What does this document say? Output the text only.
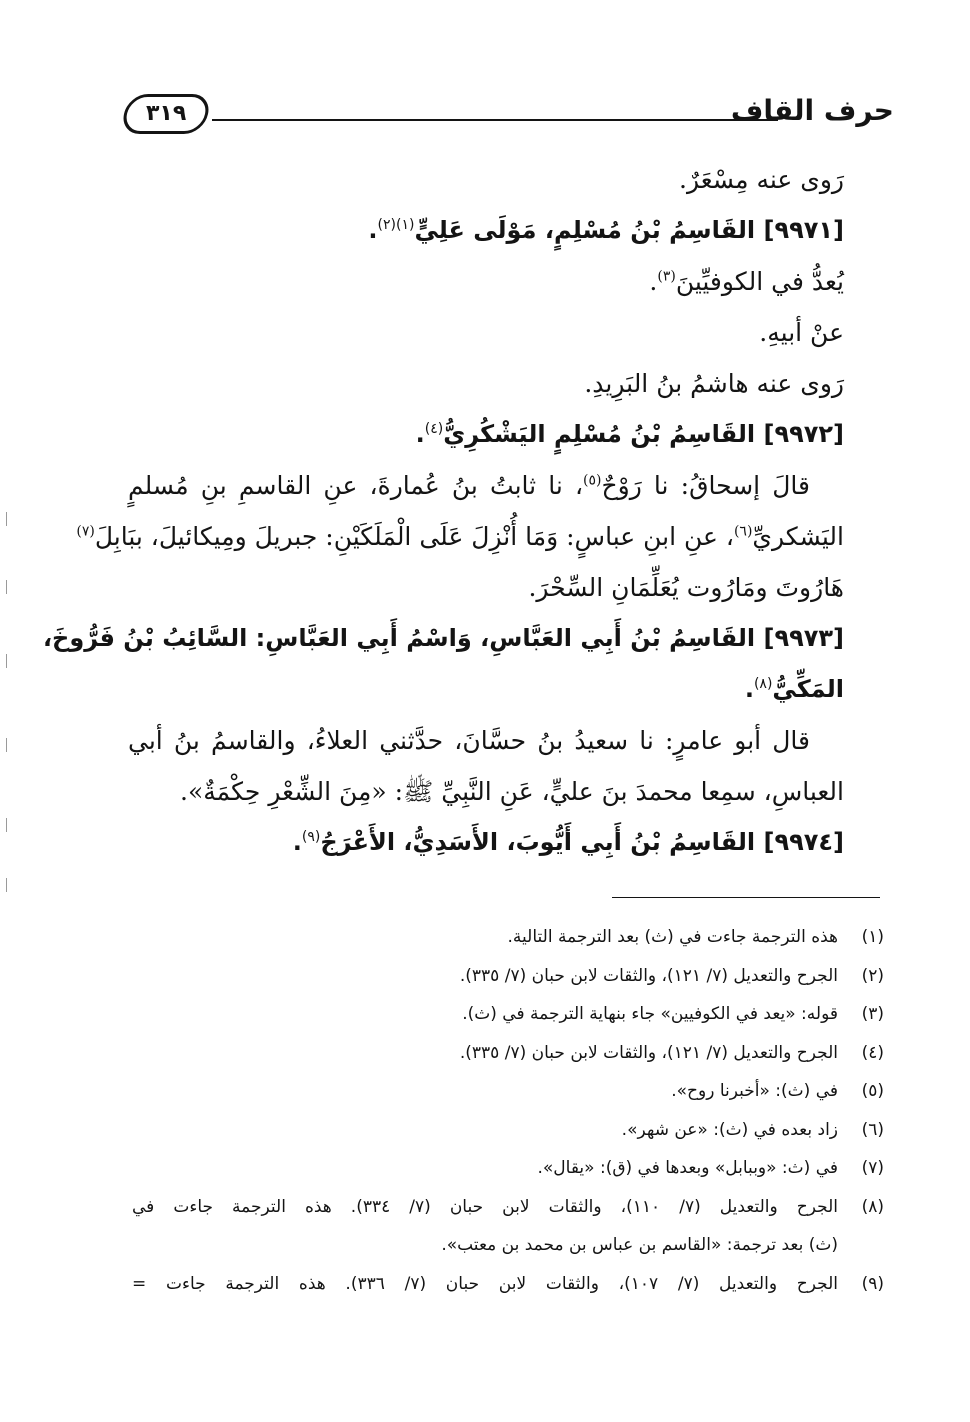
حرف القاف
٣١٩
رَوى عنه مِسْعَرٌ.
[٩٩٧١] القَاسِمُ بْنُ مُسْلِمٍ، مَوْلَى عَلِيٍّ$^{(١)(٢)}$.
يُعدُّ في الكوفيِّينَ$^{(٣)}$.
عنْ أبيهِ.
رَوى عنه هاشمُ بنُ البَرِيدِ.
[٩٩٧٢] القَاسِمُ بْنُ مُسْلِمٍ اليَشْكُرِيُّ$^{(٤)}$.
قالَ إسحاقُ: نا رَوْحٌ$^{(٥)}$، نا ثابتُ بنُ عُمارةَ، عنِ القاسمِ بنِ مُسلمٍ
اليَشكريِّ$^{(٦)}$، عنِ ابنِ عباسٍ: وَمَا أُنْزِلَ عَلَى الْمَلَكَيْنِ: جبريلَ ومِيكائيلَ، ببَابِلَ$^{(٧)}$
هَارُوتَ ومَارُوت يُعَلِّمَانِ السِّحْرَ.
[٩٩٧٣] القَاسِمُ بْنُ أَبِي العَبَّاسِ، وَاسْمُ أَبِي العَبَّاسِ: السَّائِبُ بْنُ فَرُّوخَ،
المَكِّيُّ$^{(٨)}$.
قال أبو عامرٍ: نا سعيدُ بنُ حسَّانَ، حدَّثني العلاءُ، والقاسمُ بنُ أبي
العباسِ، سمِعا محمدَ بنَ عليٍّ، عَنِ النَّبِيِّ ﷺ: «مِنَ الشِّعْرِ حِكْمَةٌ».
[٩٩٧٤] القَاسِمُ بْنُ أَبِي أَيُّوبَ، الأَسَدِيُّ، الأَعْرَجُ$^{(٩)}$.
(١)
هذه الترجمة جاءت في (ث) بعد الترجمة التالية.
(٢)
الجرح والتعديل (٧/ ١٢١)، والثقات لابن حبان (٧/ ٣٣٥).
(٣)
قوله: «يعد في الكوفيين» جاء بنهاية الترجمة في (ث).
(٤)
الجرح والتعديل (٧/ ١٢١)، والثقات لابن حبان (٧/ ٣٣٥).
(٥)
في (ث): «أخبرنا روح».
(٦)
زاد بعده في (ث): «عن شهر».
(٧)
في (ث: «وببابل» وبعدها في (ق): «يقال».
(٨)
الجرح والتعديل (٧/ ١١٠)، والثقات لابن حبان (٧/ ٣٣٤). هذه الترجمة جاءت في
(ث) بعد ترجمة: «القاسم بن عباس بن محمد بن معتب».
(٩)
الجرح والتعديل (٧/ ١٠٧)، والثقات لابن حبان (٧/ ٣٣٦). هذه الترجمة جاءت =
